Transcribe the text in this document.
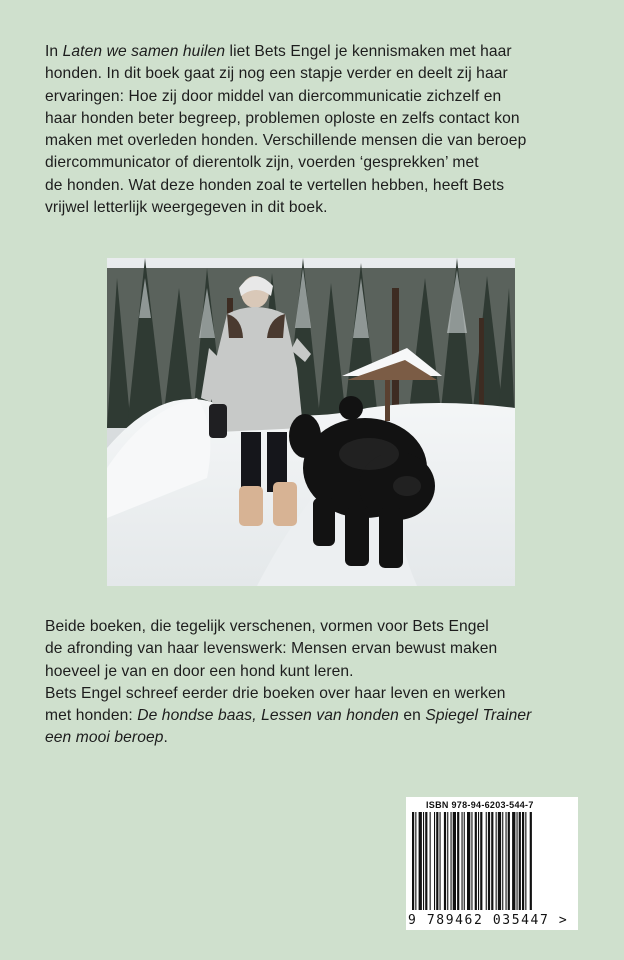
In Laten we samen huilen liet Bets Engel je kennismaken met haar
honden. In dit boek gaat zij nog een stapje verder en deelt zij haar
ervaringen: Hoe zij door middel van diercommunicatie zichzelf en
haar honden beter begreep, problemen oploste en zelfs contact kon
maken met overleden honden. Verschillende mensen die van beroep
diercommunicator of dierentolk zijn, voerden ‘gesprekken’ met
de honden. Wat deze honden zoal te vertellen hebben, heeft Bets
vrijwel letterlijk weergegeven in dit boek.
Beide boeken, die tegelijk verschenen, vormen voor Bets Engel
de afronding van haar levenswerk: Mensen ervan bewust maken
hoeveel je van en door een hond kunt leren.
Bets Engel schreef eerder drie boeken over haar leven en werken
met honden: De hondse baas, Lessen van honden en Spiegel Trainer
een mooi beroep.
ISBN 978-94-6203-544-7
9 789462 035447 >
